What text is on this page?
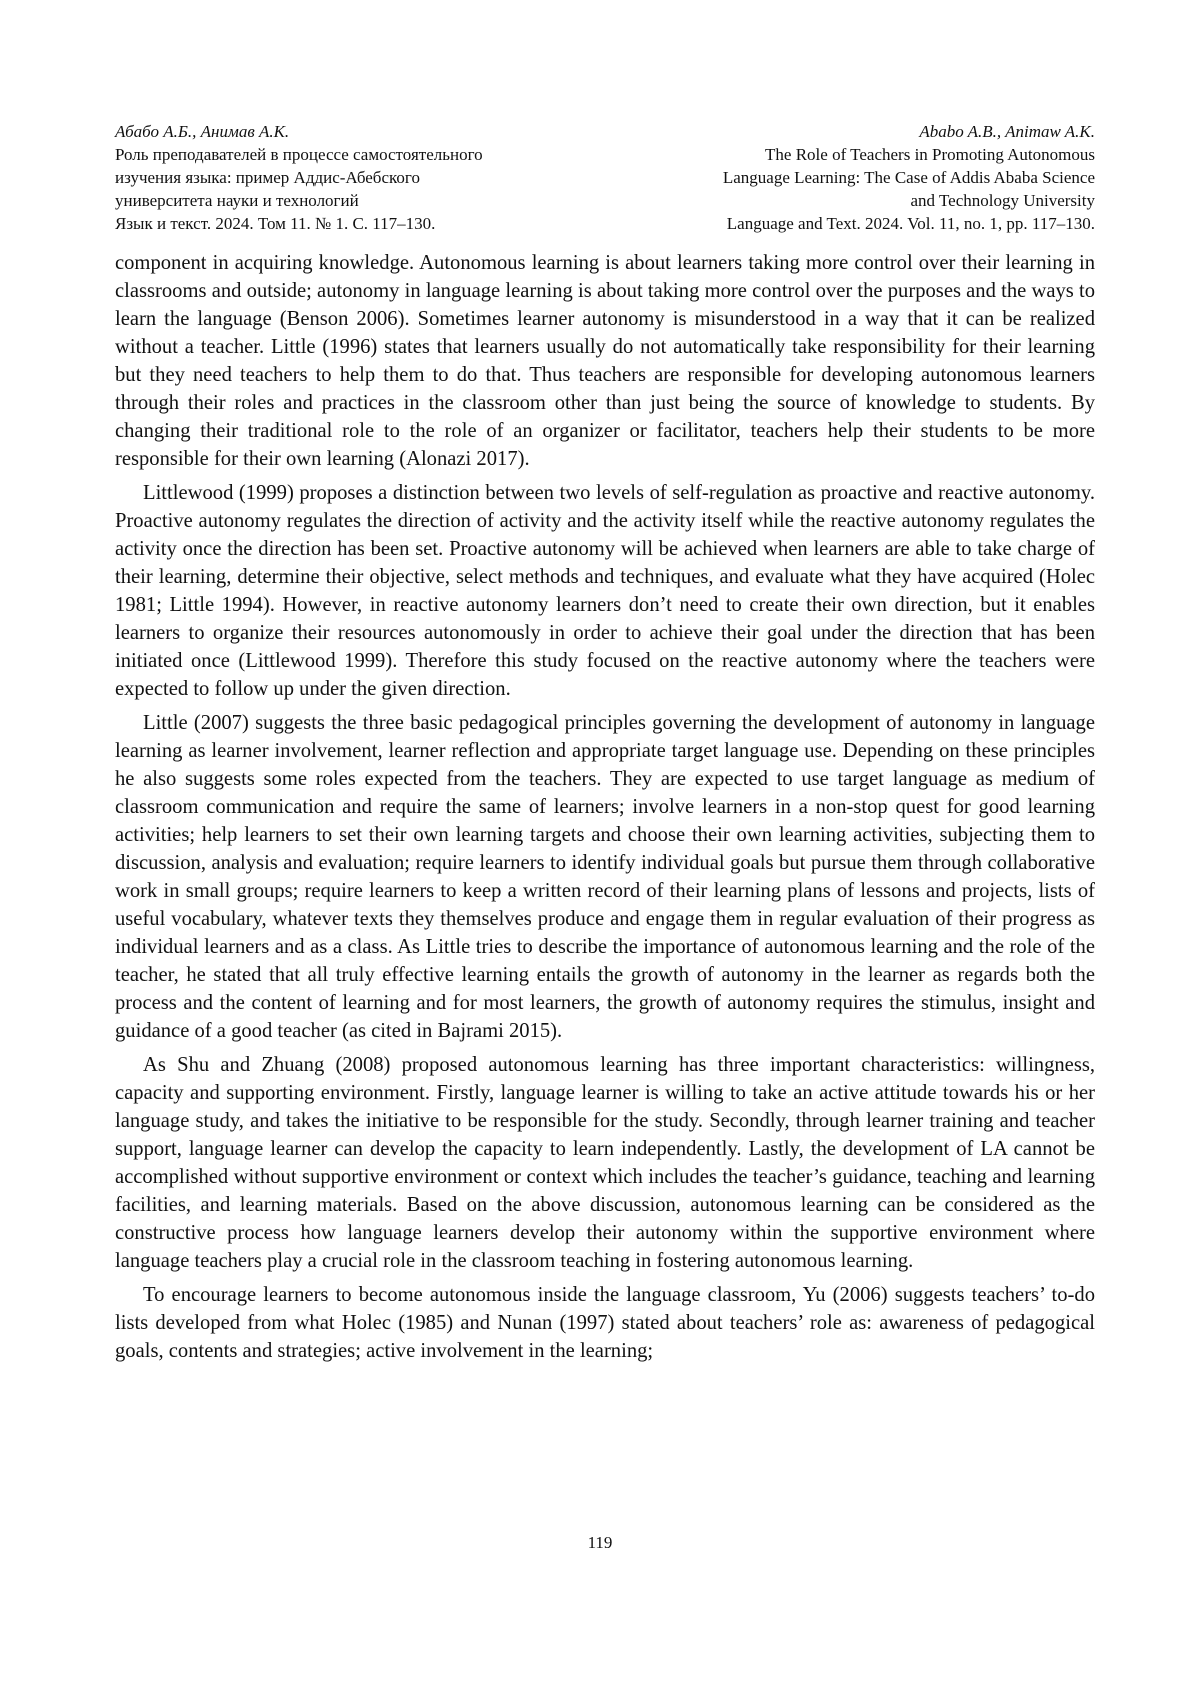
Абабо А.Б., Анимав А.К.
Роль преподавателей в процессе самостоятельного
изучения языка: пример Аддис-Абебского
университета науки и технологий
Язык и текст. 2024. Том 11. № 1. С. 117–130.
Ababo A.B., Animaw A.K.
The Role of Teachers in Promoting Autonomous
Language Learning: The Case of Addis Ababa Science
and Technology University
Language and Text. 2024. Vol. 11, no. 1, pp. 117–130.

component in acquiring knowledge. Autonomous learning is about learners taking more control over their learning in classrooms and outside; autonomy in language learning is about taking more control over the purposes and the ways to learn the language (Benson 2006). Sometimes learner autonomy is misunderstood in a way that it can be realized without a teacher. Little (1996) states that learners usually do not automatically take responsibility for their learning but they need teachers to help them to do that. Thus teachers are responsible for developing autonomous learners through their roles and practices in the classroom other than just being the source of knowledge to students. By changing their traditional role to the role of an organizer or facilitator, teachers help their students to be more responsible for their own learning (Alonazi 2017).

Littlewood (1999) proposes a distinction between two levels of self-regulation as proactive and reactive autonomy. Proactive autonomy regulates the direction of activity and the activity itself while the reactive autonomy regulates the activity once the direction has been set. Proactive autonomy will be achieved when learners are able to take charge of their learning, determine their objective, select methods and techniques, and evaluate what they have acquired (Holec 1981; Little 1994). However, in reactive autonomy learners don’t need to create their own direction, but it enables learners to organize their resources autonomously in order to achieve their goal under the direction that has been initiated once (Littlewood 1999). Therefore this study focused on the reactive autonomy where the teachers were expected to follow up under the given direction.

Little (2007) suggests the three basic pedagogical principles governing the development of autonomy in language learning as learner involvement, learner reflection and appropriate target language use. Depending on these principles he also suggests some roles expected from the teachers. They are expected to use target language as medium of classroom communication and require the same of learners; involve learners in a non-stop quest for good learning activities; help learners to set their own learning targets and choose their own learning activities, subjecting them to discussion, analysis and evaluation; require learners to identify individual goals but pursue them through collaborative work in small groups; require learners to keep a written record of their learning plans of lessons and projects, lists of useful vocabulary, whatever texts they themselves produce and engage them in regular evaluation of their progress as individual learners and as a class. As Little tries to describe the importance of autonomous learning and the role of the teacher, he stated that all truly effective learning entails the growth of autonomy in the learner as regards both the process and the content of learning and for most learners, the growth of autonomy requires the stimulus, insight and guidance of a good teacher (as cited in Bajrami 2015).

As Shu and Zhuang (2008) proposed autonomous learning has three important characteristics: willingness, capacity and supporting environment. Firstly, language learner is willing to take an active attitude towards his or her language study, and takes the initiative to be responsible for the study. Secondly, through learner training and teacher support, language learner can develop the capacity to learn independently. Lastly, the development of LA cannot be accomplished without supportive environment or context which includes the teacher’s guidance, teaching and learning facilities, and learning materials. Based on the above discussion, autonomous learning can be considered as the constructive process how language learners develop their autonomy within the supportive environment where language teachers play a crucial role in the classroom teaching in fostering autonomous learning.

To encourage learners to become autonomous inside the language classroom, Yu (2006) suggests teachers’ to-do lists developed from what Holec (1985) and Nunan (1997) stated about teachers’ role as: awareness of pedagogical goals, contents and strategies; active involvement in the learning;

119
